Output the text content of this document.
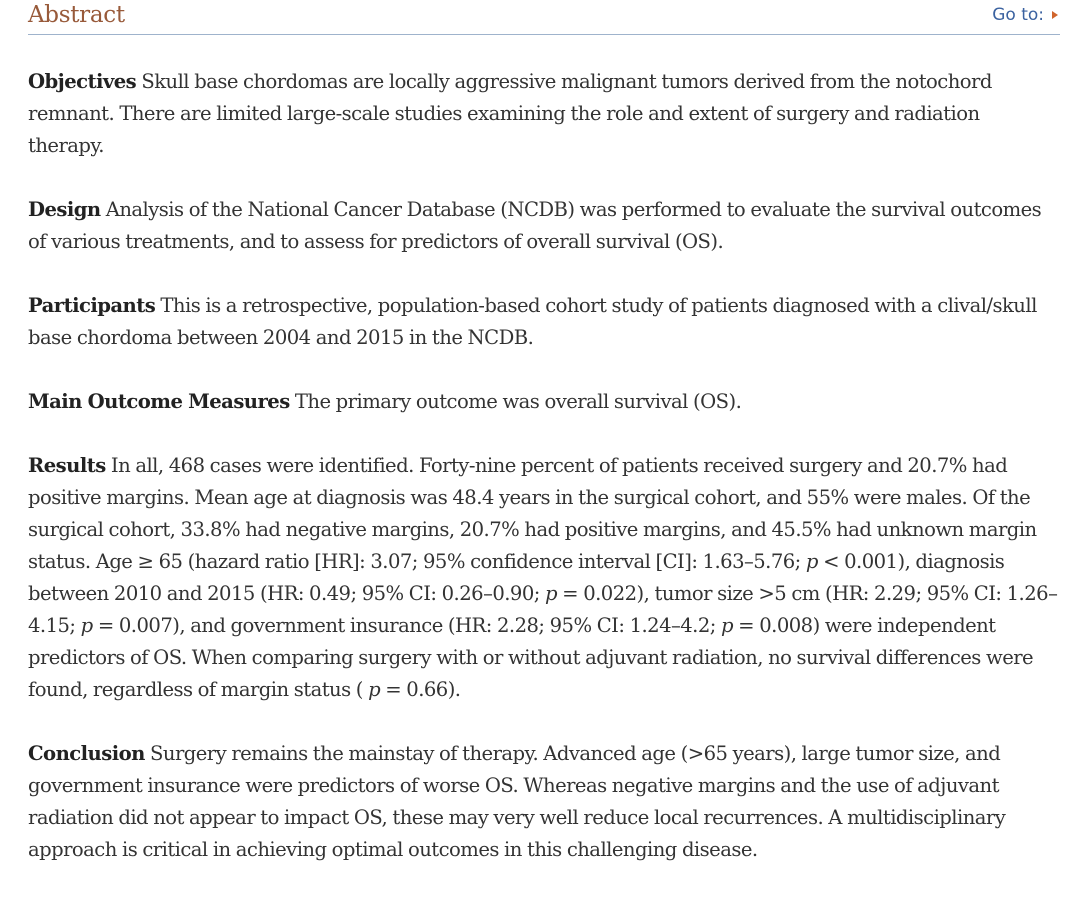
Abstract	Go to:

Objectives Skull base chordomas are locally aggressive malignant tumors derived from the notochord remnant. There are limited large-scale studies examining the role and extent of surgery and radiation therapy.

Design Analysis of the National Cancer Database (NCDB) was performed to evaluate the survival outcomes of various treatments, and to assess for predictors of overall survival (OS).

Participants This is a retrospective, population-based cohort study of patients diagnosed with a clival/skull base chordoma between 2004 and 2015 in the NCDB.

Main Outcome Measures The primary outcome was overall survival (OS).

Results In all, 468 cases were identified. Forty-nine percent of patients received surgery and 20.7% had positive margins. Mean age at diagnosis was 48.4 years in the surgical cohort, and 55% were males. Of the surgical cohort, 33.8% had negative margins, 20.7% had positive margins, and 45.5% had unknown margin status. Age ≥ 65 (hazard ratio [HR]: 3.07; 95% confidence interval [CI]: 1.63–5.76; p < 0.001), diagnosis between 2010 and 2015 (HR: 0.49; 95% CI: 0.26–0.90; p = 0.022), tumor size >5 cm (HR: 2.29; 95% CI: 1.26–4.15; p = 0.007), and government insurance (HR: 2.28; 95% CI: 1.24–4.2; p = 0.008) were independent predictors of OS. When comparing surgery with or without adjuvant radiation, no survival differences were found, regardless of margin status ( p = 0.66).

Conclusion Surgery remains the mainstay of therapy. Advanced age (>65 years), large tumor size, and government insurance were predictors of worse OS. Whereas negative margins and the use of adjuvant radiation did not appear to impact OS, these may very well reduce local recurrences. A multidisciplinary approach is critical in achieving optimal outcomes in this challenging disease.
